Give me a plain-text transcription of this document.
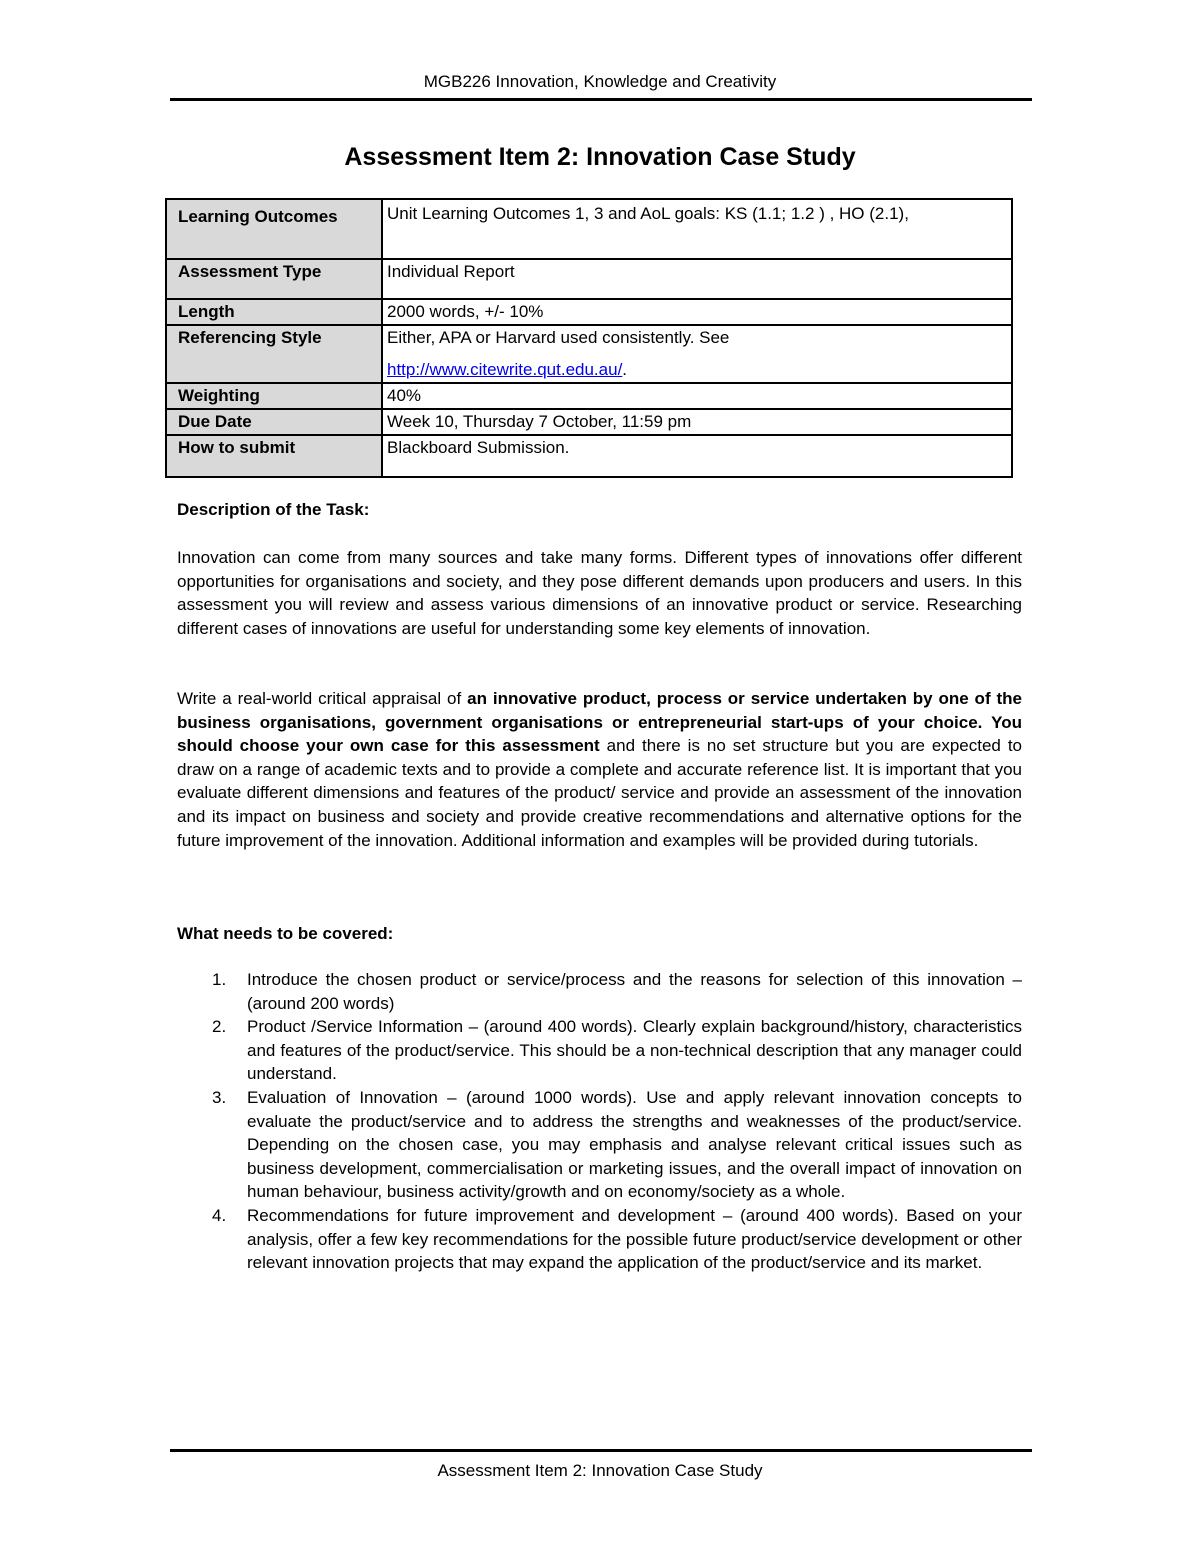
MGB226 Innovation, Knowledge and Creativity
Assessment Item 2: Innovation Case Study
Learning Outcomes	Unit Learning Outcomes 1, 3 and AoL goals: KS (1.1; 1.2 ) , HO (2.1),

Assessment Type	Individual Report

Length	2000 words, +/- 10%

Referencing Style	Either, APA or Harvard used consistently. See
http://www.citewrite.qut.edu.au/.

Weighting	40%

Due Date	Week 10, Thursday 7 October, 11:59 pm

How to submit	Blackboard Submission.
Description of the Task:
Innovation can come from many sources and take many forms. Different types of innovations offer different opportunities for organisations and society, and they pose different demands upon producers and users. In this assessment you will review and assess various dimensions of an innovative product or service. Researching different cases of innovations are useful for understanding some key elements of innovation.
Write a real-world critical appraisal of an innovative product, process or service undertaken by one of the business organisations, government organisations or entrepreneurial start-ups of your choice. You should choose your own case for this assessment and there is no set structure but you are expected to draw on a range of academic texts and to provide a complete and accurate reference list. It is important that you evaluate different dimensions and features of the product/ service and provide an assessment of the innovation and its impact on business and society and provide creative recommendations and alternative options for the future improvement of the innovation. Additional information and examples will be provided during tutorials.
What needs to be covered:
1. Introduce the chosen product or service/process and the reasons for selection of this innovation – (around 200 words)
2. Product /Service Information – (around 400 words). Clearly explain background/history, characteristics and features of the product/service. This should be a non-technical description that any manager could understand.
3. Evaluation of Innovation – (around 1000 words). Use and apply relevant innovation concepts to evaluate the product/service and to address the strengths and weaknesses of the product/service. Depending on the chosen case, you may emphasis and analyse relevant critical issues such as business development, commercialisation or marketing issues, and the overall impact of innovation on human behaviour, business activity/growth and on economy/society as a whole.
4. Recommendations for future improvement and development – (around 400 words). Based on your analysis, offer a few key recommendations for the possible future product/service development or other relevant innovation projects that may expand the application of the product/service and its market.
Assessment Item 2: Innovation Case Study
